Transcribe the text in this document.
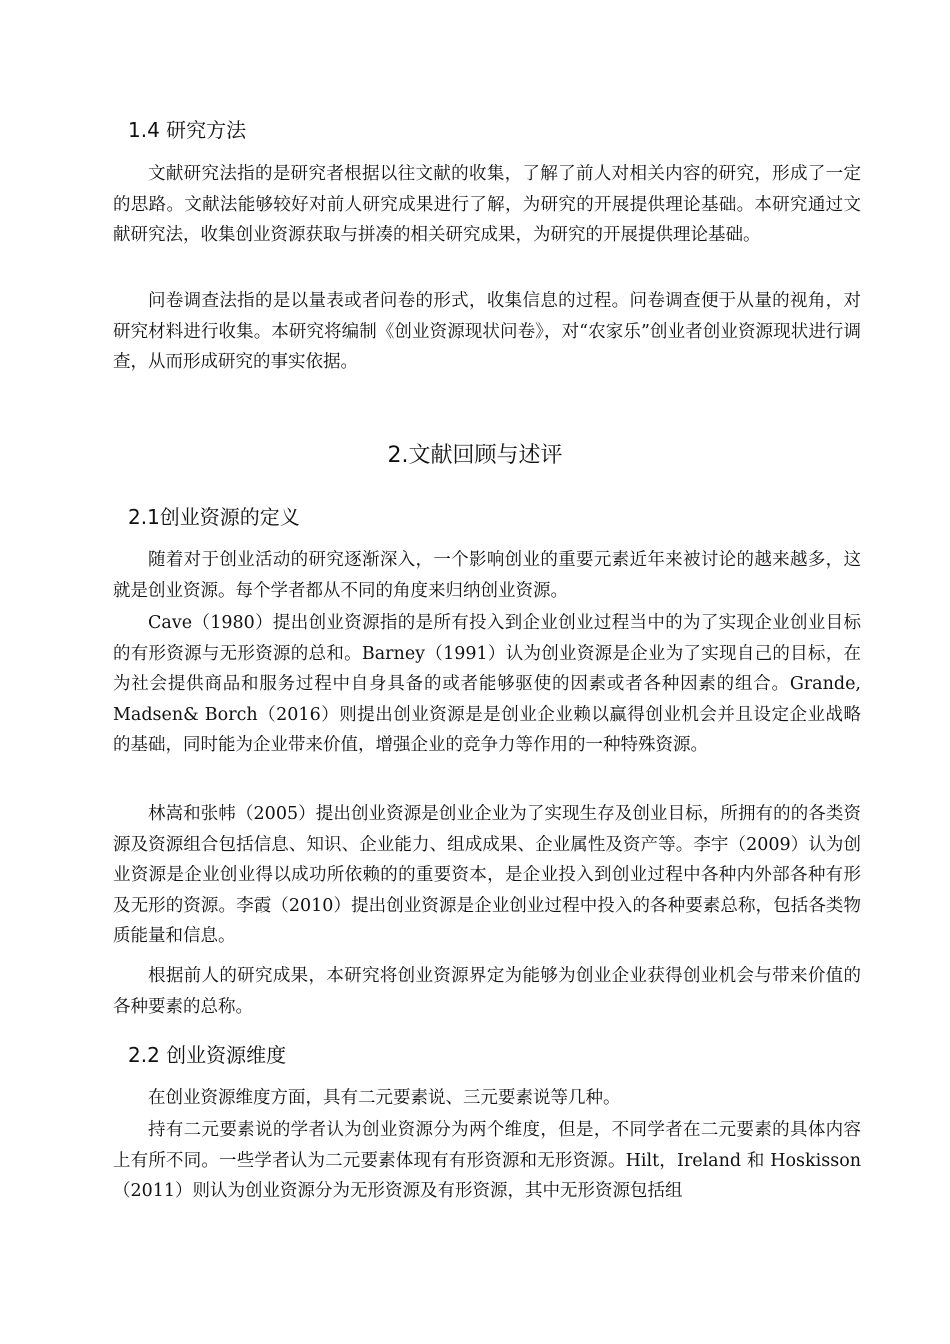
1.4 研究方法

文献研究法指的是研究者根据以往文献的收集，了解了前人对相关内容的研究，形成了一定的思路。文献法能够较好对前人研究成果进行了解，为研究的开展提供理论基础。本研究通过文献研究法，收集创业资源获取与拼凑的相关研究成果，为研究的开展提供理论基础。

问卷调查法指的是以量表或者问卷的形式，收集信息的过程。问卷调查便于从量的视角，对研究材料进行收集。本研究将编制《创业资源现状问卷》，对“农家乐”创业者创业资源现状进行调查，从而形成研究的事实依据。

2.文献回顾与述评
2.1创业资源的定义

随着对于创业活动的研究逐渐深入，一个影响创业的重要元素近年来被讨论的越来越多，这就是创业资源。每个学者都从不同的角度来归纳创业资源。

Cave（1980）提出创业资源指的是所有投入到企业创业过程当中的为了实现企业创业目标的有形资源与无形资源的总和。Barney（1991）认为创业资源是企业为了实现自己的目标，在为社会提供商品和服务过程中自身具备的或者能够驱使的因素或者各种因素的组合。Grande, Madsen& Borch（2016）则提出创业资源是是创业企业赖以赢得创业机会并且设定企业战略的基础，同时能为企业带来价值，增强企业的竞争力等作用的一种特殊资源。

林嵩和张帏（2005）提出创业资源是创业企业为了实现生存及创业目标，所拥有的的各类资源及资源组合包括信息、知识、企业能力、组成成果、企业属性及资产等。李宇（2009）认为创业资源是企业创业得以成功所依赖的的重要资本，是企业投入到创业过程中各种内外部各种有形及无形的资源。李霞（2010）提出创业资源是企业创业过程中投入的各种要素总称，包括各类物质能量和信息。

根据前人的研究成果，本研究将创业资源界定为能够为创业企业获得创业机会与带来价值的各种要素的总称。

2.2 创业资源维度

在创业资源维度方面，具有二元要素说、三元要素说等几种。

持有二元要素说的学者认为创业资源分为两个维度，但是，不同学者在二元要素的具体内容上有所不同。一些学者认为二元要素体现有有形资源和无形资源。Hilt，Ireland 和 Hoskisson（2011）则认为创业资源分为无形资源及有形资源，其中无形资源包括组
